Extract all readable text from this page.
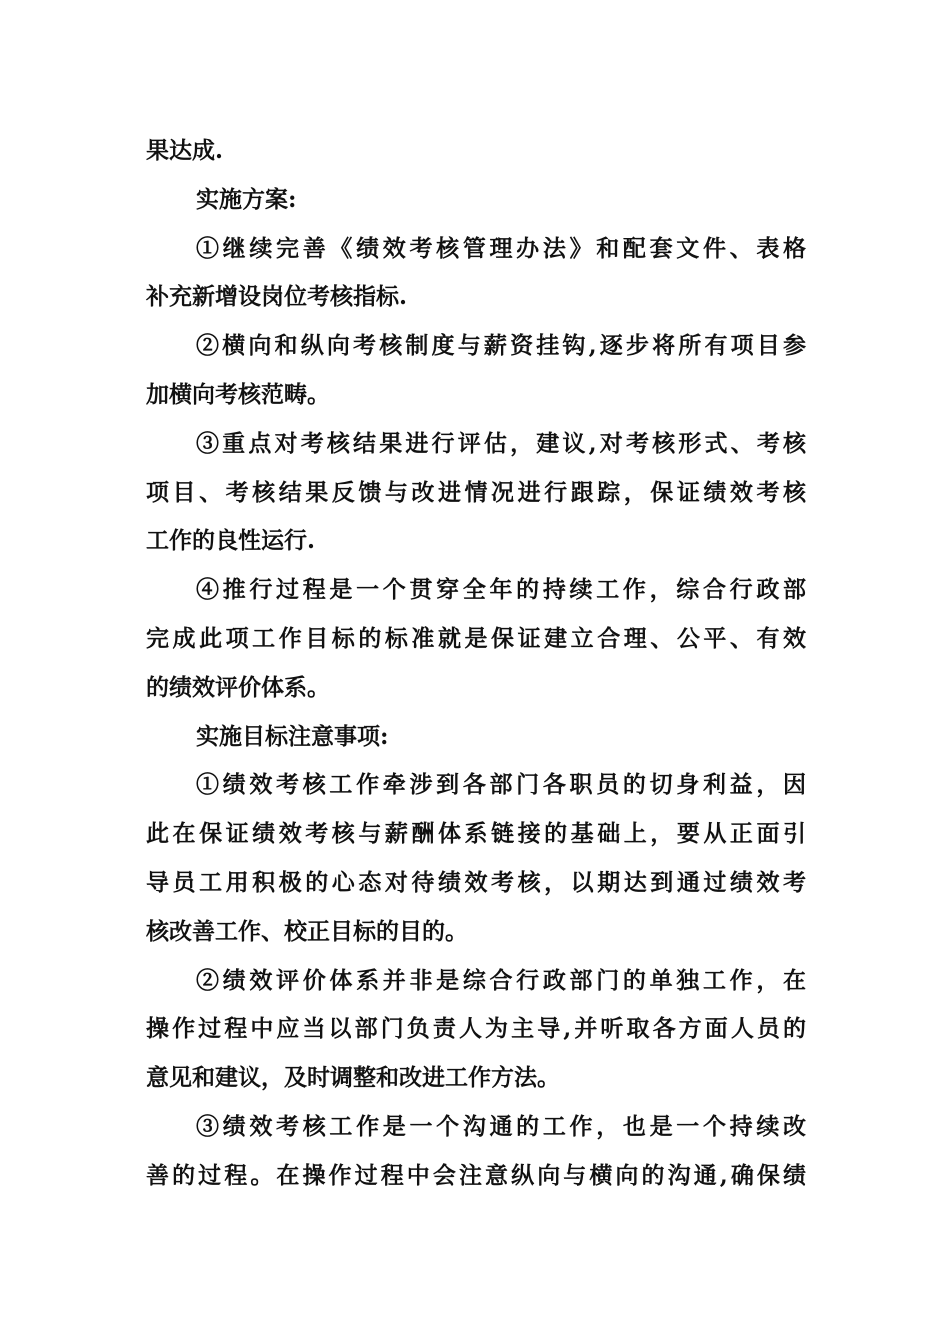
果达成.
实施方案:
①继续完善《绩效考核管理办法》和配套文件、表格
补充新增设岗位考核指标.
②横向和纵向考核制度与薪资挂钩,逐步将所有项目参
加横向考核范畴。
③重点对考核结果进行评估，建议,对考核形式、考核
项目、考核结果反馈与改进情况进行跟踪，保证绩效考核
工作的良性运行.
④推行过程是一个贯穿全年的持续工作，综合行政部
完成此项工作目标的标准就是保证建立合理、公平、有效
的绩效评价体系。
实施目标注意事项:
①绩效考核工作牵涉到各部门各职员的切身利益，因
此在保证绩效考核与薪酬体系链接的基础上，要从正面引
导员工用积极的心态对待绩效考核，以期达到通过绩效考
核改善工作、校正目标的目的。
②绩效评价体系并非是综合行政部门的单独工作，在
操作过程中应当以部门负责人为主导,并听取各方面人员的
意见和建议，及时调整和改进工作方法。
③绩效考核工作是一个沟通的工作，也是一个持续改
善的过程。在操作过程中会注意纵向与横向的沟通,确保绩
